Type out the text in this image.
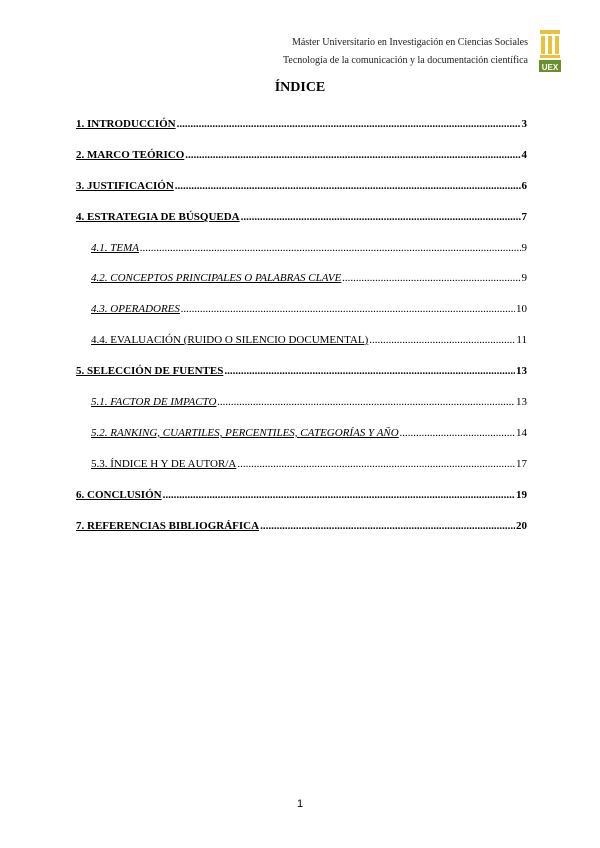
Máster Universitario en Investigación en Ciencias Sociales
Tecnología de la comunicación y la documentación científica
UEX
ÍNDICE
1. INTRODUCCIÓN .....	3
2. MARCO TEÓRICO .....	4
3. JUSTIFICACIÓN .....	6
4. ESTRATEGIA DE BÚSQUEDA .....	7
4.1. TEMA .....	9
4.2. CONCEPTOS PRINCIPALES O PALABRAS CLAVE .....	9
4.3. OPERADORES .....	10
4.4. EVALUACIÓN (RUIDO O SILENCIO DOCUMENTAL) .....	11
5. SELECCIÓN DE FUENTES .....	13
5.1. FACTOR DE IMPACTO .....	13
5.2. RANKING, CUARTILES, PERCENTILES, CATEGORÍAS Y AÑO .....	14
5.3. ÍNDICE H Y DE AUTOR/A .....	17
6. CONCLUSIÓN .....	19
7. REFERENCIAS BIBLIOGRÁFICA .....	20
1
